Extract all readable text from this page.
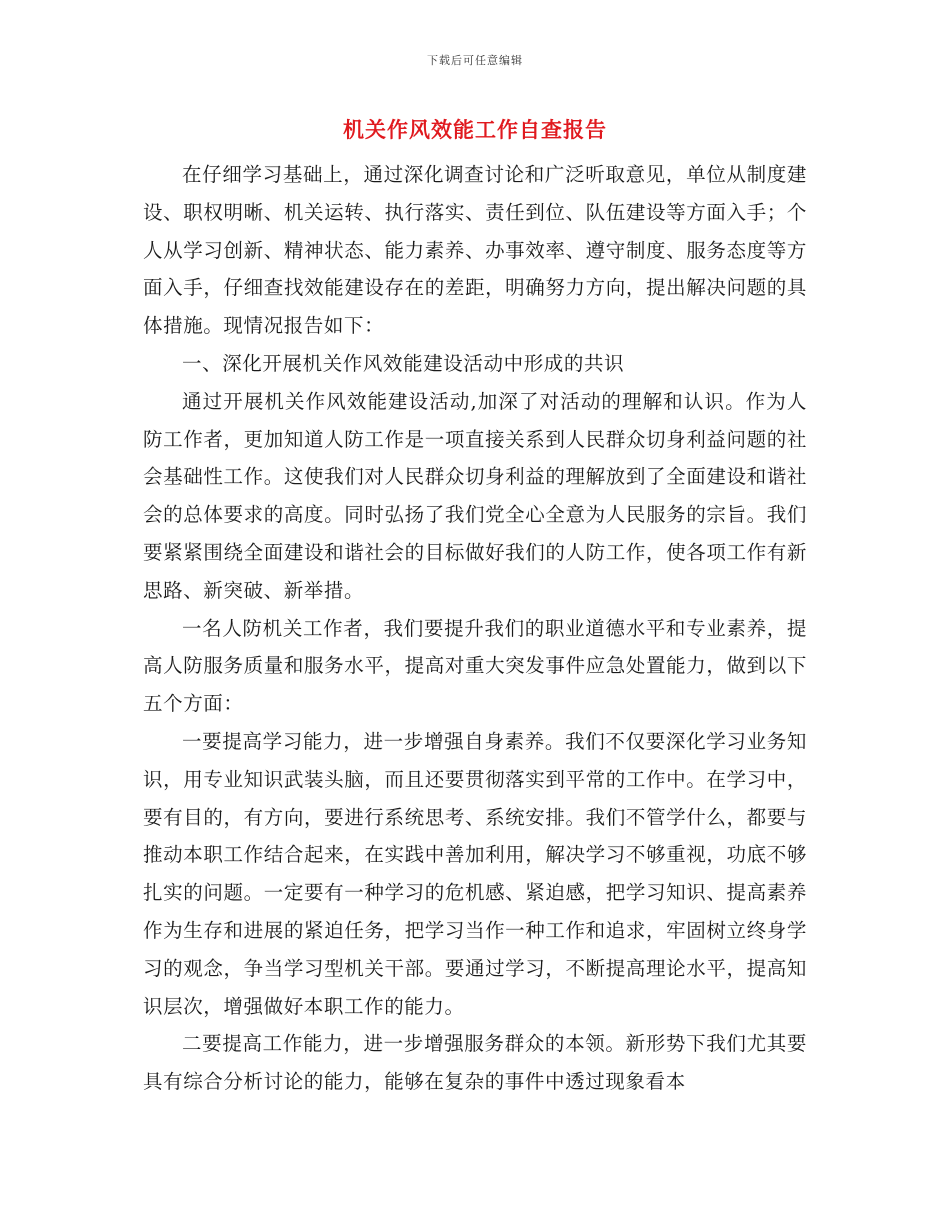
下载后可任意编辑
机关作风效能工作自查报告

在仔细学习基础上，通过深化调查讨论和广泛听取意见，单位从制度建设、职权明晰、机关运转、执行落实、责任到位、队伍建设等方面入手；个人从学习创新、精神状态、能力素养、办事效率、遵守制度、服务态度等方面入手，仔细查找效能建设存在的差距，明确努力方向，提出解决问题的具体措施。现情况报告如下：

一、深化开展机关作风效能建设活动中形成的共识

通过开展机关作风效能建设活动,加深了对活动的理解和认识。作为人防工作者，更加知道人防工作是一项直接关系到人民群众切身利益问题的社会基础性工作。这使我们对人民群众切身利益的理解放到了全面建设和谐社会的总体要求的高度。同时弘扬了我们党全心全意为人民服务的宗旨。我们要紧紧围绕全面建设和谐社会的目标做好我们的人防工作，使各项工作有新思路、新突破、新举措。

一名人防机关工作者，我们要提升我们的职业道德水平和专业素养，提高人防服务质量和服务水平，提高对重大突发事件应急处置能力，做到以下五个方面：

一要提高学习能力，进一步增强自身素养。我们不仅要深化学习业务知识，用专业知识武装头脑，而且还要贯彻落实到平常的工作中。在学习中，要有目的，有方向，要进行系统思考、系统安排。我们不管学什么，都要与推动本职工作结合起来，在实践中善加利用，解决学习不够重视，功底不够扎实的问题。一定要有一种学习的危机感、紧迫感，把学习知识、提高素养作为生存和进展的紧迫任务，把学习当作一种工作和追求，牢固树立终身学习的观念，争当学习型机关干部。要通过学习，不断提高理论水平，提高知识层次，增强做好本职工作的能力。

二要提高工作能力，进一步增强服务群众的本领。新形势下我们尤其要具有综合分析讨论的能力，能够在复杂的事件中透过现象看本
